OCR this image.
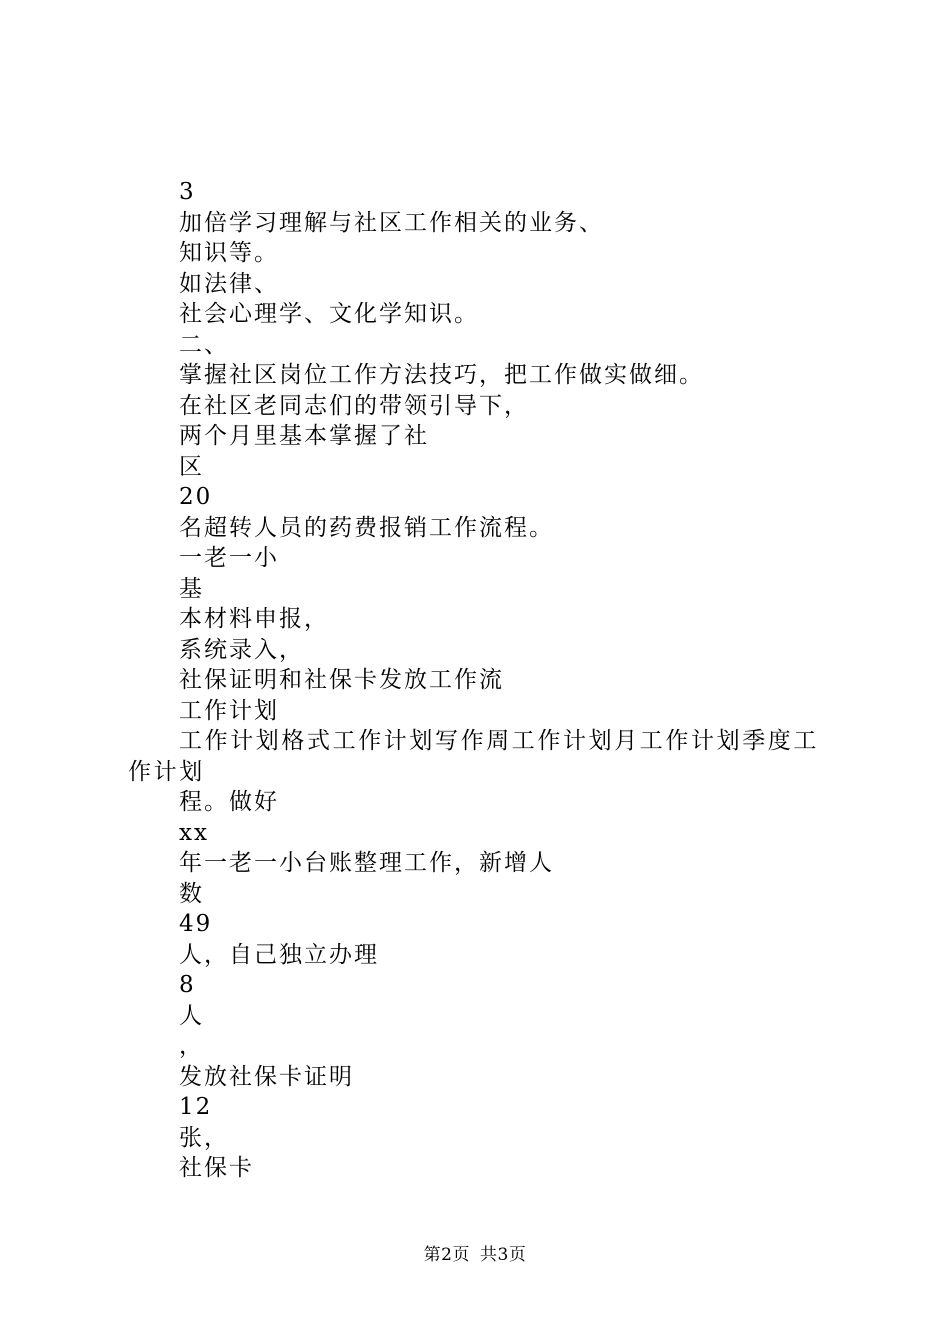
3
加倍学习理解与社区工作相关的业务、
知识等。
如法律、
社会心理学、文化学知识。
二、
掌握社区岗位工作方法技巧，把工作做实做细。
在社区老同志们的带领引导下，
两个月里基本掌握了社
区
20
名超转人员的药费报销工作流程。
一老一小
基
本材料申报，
系统录入，
社保证明和社保卡发放工作流
工作计划
工作计划格式工作计划写作周工作计划月工作计划季度工作计划
程。做好
xx
年一老一小台账整理工作，新增人
数
49
人，自己独立办理
8
人
，
发放社保卡证明
12
张，
社保卡
第2页 共3页
